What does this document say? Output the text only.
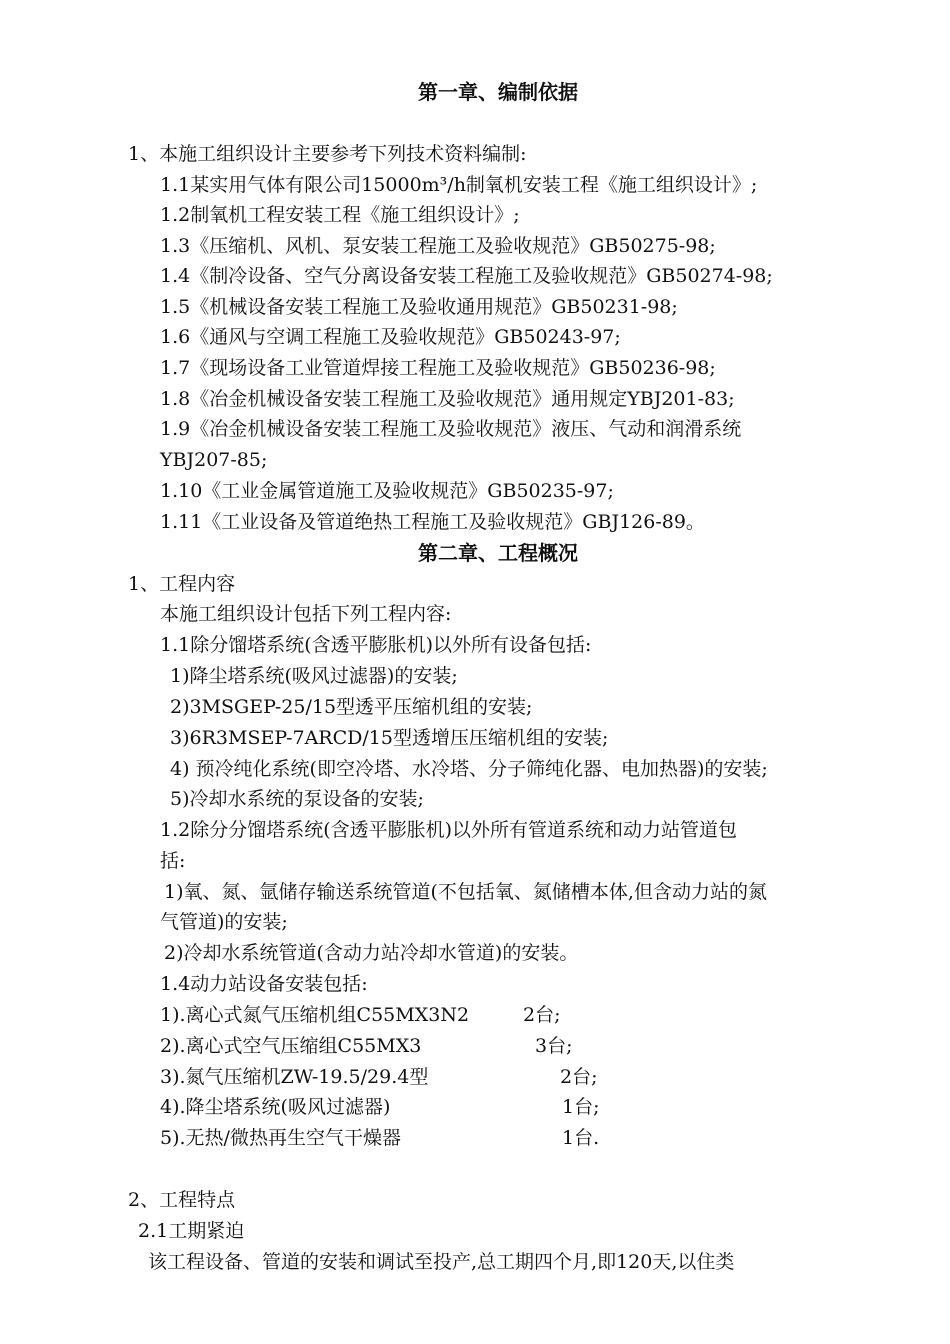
第一章、编制依据
1、本施工组织设计主要参考下列技术资料编制:
1.1某实用气体有限公司15000m³/h制氧机安装工程《施工组织设计》;
1.2制氧机工程安装工程《施工组织设计》;
1.3《压缩机、风机、泵安装工程施工及验收规范》GB50275-98;
1.4《制冷设备、空气分离设备安装工程施工及验收规范》GB50274-98;
1.5《机械设备安装工程施工及验收通用规范》GB50231-98;
1.6《通风与空调工程施工及验收规范》GB50243-97;
1.7《现场设备工业管道焊接工程施工及验收规范》GB50236-98;
1.8《冶金机械设备安装工程施工及验收规范》通用规定YBJ201-83;
1.9《冶金机械设备安装工程施工及验收规范》液压、气动和润滑系统
YBJ207-85;
1.10《工业金属管道施工及验收规范》GB50235-97;
1.11《工业设备及管道绝热工程施工及验收规范》GBJ126-89。
第二章、工程概况
1、工程内容
本施工组织设计包括下列工程内容:
1.1除分馏塔系统(含透平膨胀机)以外所有设备包括:
1)降尘塔系统(吸风过滤器)的安装;
2)3MSGEP-25/15型透平压缩机组的安装;
3)6R3MSEP-7ARCD/15型透增压压缩机组的安装;
4) 预冷纯化系统(即空冷塔、水冷塔、分子筛纯化器、电加热器)的安装;
5)冷却水系统的泵设备的安装;
1.2除分分馏塔系统(含透平膨胀机)以外所有管道系统和动力站管道包
括:
1)氧、氮、氩储存输送系统管道(不包括氧、氮储槽本体,但含动力站的氮
气管道)的安装;
2)冷却水系统管道(含动力站冷却水管道)的安装。
1.4动力站设备安装包括:
1).离心式氮气压缩机组C55MX3N2	2台;
2).离心式空气压缩组C55MX3	3台;
3).氮气压缩机ZW-19.5/29.4型	2台;
4).降尘塔系统(吸风过滤器)	1台;
5).无热/微热再生空气干燥器	1台.
2、工程特点
2.1工期紧迫
该工程设备、管道的安装和调试至投产,总工期四个月,即120天,以住类
